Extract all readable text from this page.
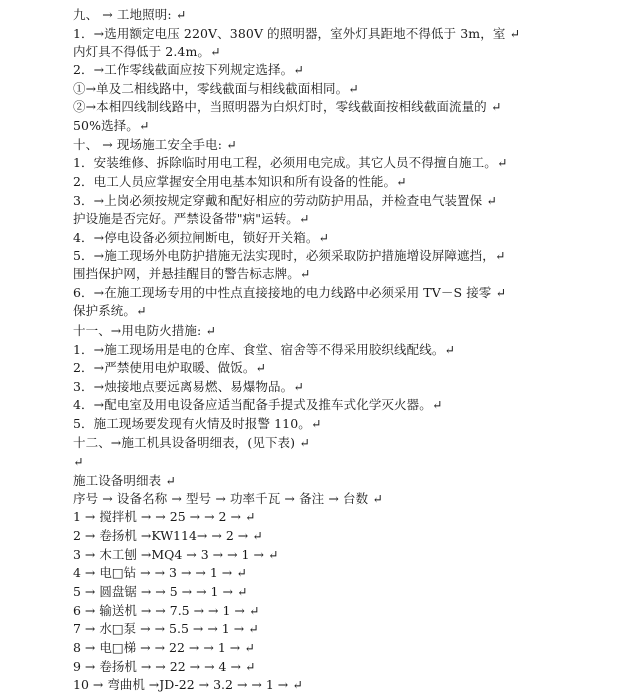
九、 → 工地照明: ↵
1．→选用额定电压 220V、380V 的照明器，室外灯具距地不得低于 3m，室 ↵
内灯具不得低于 2.4m。↵
2．→工作零线截面应按下列规定选择。↵
①→单及二相线路中，零线截面与相线截面相同。↵
②→本相四线制线路中，当照明器为白炽灯时，零线截面按相线截面流量的 ↵
50%选择。↵
十、 → 现场施工安全手电: ↵
1．安装维修、拆除临时用电工程，必须用电完成。其它人员不得擅自施工。↵
2．电工人员应掌握安全用电基本知识和所有设备的性能。↵
3．→上岗必须按规定穿戴和配好相应的劳动防护用品，并检查电气装置保 ↵
护设施是否完好。严禁设备带"病"运转。↵
4．→停电设备必须拉闸断电，锁好开关箱。↵
5．→施工现场外电防护措施无法实现时，必须采取防护措施增设屏障遮挡，↵
围挡保护网，并悬挂醒目的警告标志牌。↵
6．→在施工现场专用的中性点直接接地的电力线路中必须采用 TV－S 接零 ↵
保护系统。↵
十一、→用电防火措施: ↵
1．→施工现场用是电的仓库、食堂、宿舍等不得采用胶织线配线。↵
2．→严禁使用电炉取暖、做饭。↵
3．→烛接地点要远离易燃、易爆物品。↵
4．→配电室及用电设备应适当配备手提式及推车式化学灭火器。↵
5．施工现场要发现有火情及时报警 110。↵
十二、→施工机具设备明细表，(见下表) ↵
↵
施工设备明细表 ↵
序号 → 设备名称 → 型号 → 功率千瓦 → 备注 → 台数 ↵
1 → 搅拌机 → → 25 → → 2 → ↵
2 → 卷扬机 →KW114→ → 2 → ↵
3 → 木工刨 →MQ4 → 3 → → 1 → ↵
4 → 电□钻 → → 3 → → 1 → ↵
5 → 圆盘锯 → → 5 → → 1 → ↵
6 → 输送机 → → 7.5 → → 1 → ↵
7 → 水□泵 → → 5.5 → → 1 → ↵
8 → 电□梯 → → 22 → → 1 → ↵
9 → 卷扬机 → → 22 → → 4 → ↵
10 → 弯曲机 →JD-22 → 3.2 → → 1 → ↵
